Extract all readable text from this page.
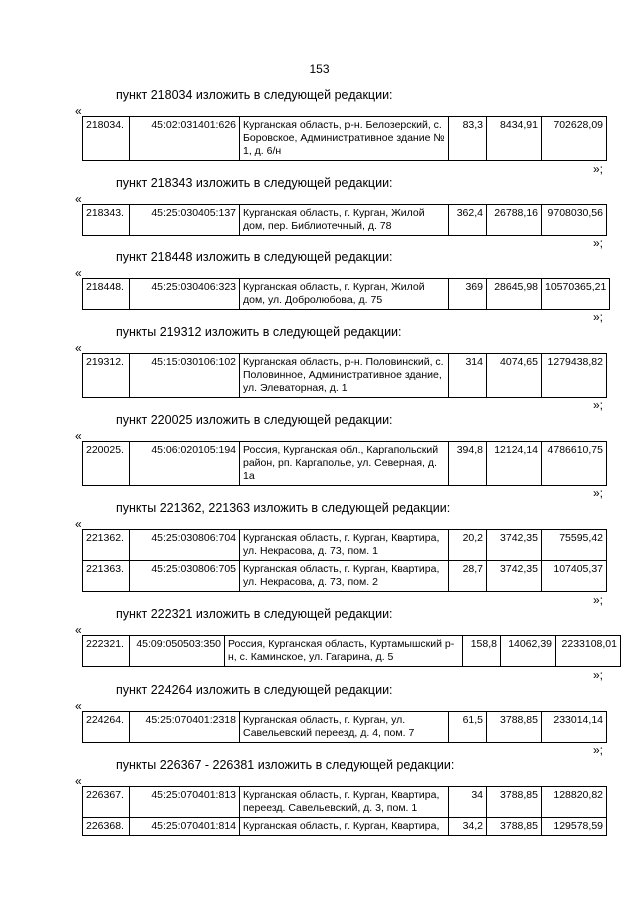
153
пункт 218034 изложить в следующей редакции:
«
218034.	45:02:031401:626	Курганская область, р-н. Белозерский, с. Боровское, Административное здание № 1, д. 6/н	83,3	8434,91	702628,09
»;
пункт 218343 изложить в следующей редакции:
«
218343.	45:25:030405:137	Курганская область, г. Курган, Жилой дом, пер. Библиотечный, д. 78	362,4	26788,16	9708030,56
»;
пункт 218448 изложить в следующей редакции:
«
218448.	45:25:030406:323	Курганская область, г. Курган, Жилой дом, ул. Добролюбова, д. 75	369	28645,98	10570365,21
»;
пункты 219312 изложить в следующей редакции:
«
219312.	45:15:030106:102	Курганская область, р-н. Половинский, с. Половинное, Административное здание, ул. Элеваторная, д. 1	314	4074,65	1279438,82
»;
пункт 220025 изложить в следующей редакции:
«
220025.	45:06:020105:194	Россия, Курганская обл., Каргапольский район, рп. Каргаполье, ул. Северная, д. 1а	394,8	12124,14	4786610,75
»;
пункты 221362, 221363 изложить в следующей редакции:
«
221362.	45:25:030806:704	Курганская область, г. Курган, Квартира, ул. Некрасова, д. 73, пом. 1	20,2	3742,35	75595,42
221363.	45:25:030806:705	Курганская область, г. Курган, Квартира, ул. Некрасова, д. 73, пом. 2	28,7	3742,35	107405,37
»;
пункт 222321 изложить в следующей редакции:
«
222321.	45:09:050503:350	Россия, Курганская область, Куртамышский р-н, с. Каминское, ул. Гагарина, д. 5	158,8	14062,39	2233108,01
»;
пункт 224264 изложить в следующей редакции:
«
224264.	45:25:070401:2318	Курганская область, г. Курган, ул. Савельевский переезд, д. 4, пом. 7	61,5	3788,85	233014,14
»;
пункты 226367 - 226381 изложить в следующей редакции:
«
226367.	45:25:070401:813	Курганская область, г. Курган, Квартира, переезд. Савельевский, д. 3, пом. 1	34	3788,85	128820,82
226368.	45:25:070401:814	Курганская область, г. Курган, Квартира,	34,2	3788,85	129578,59
